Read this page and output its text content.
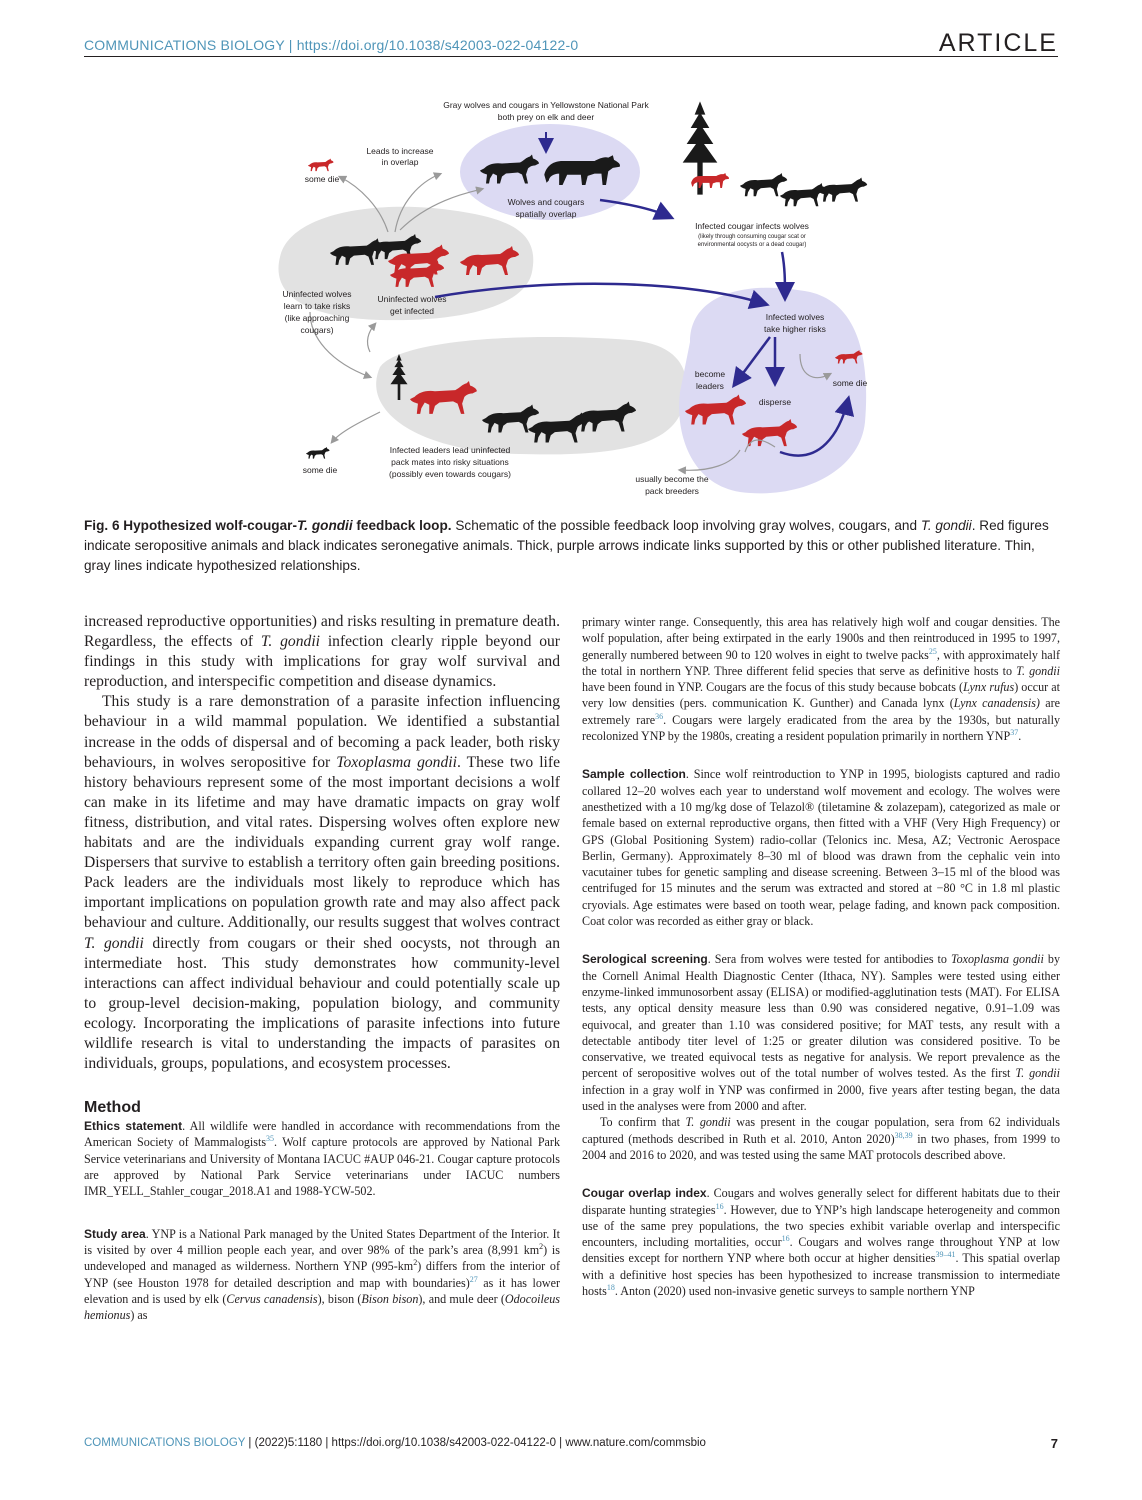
COMMUNICATIONS BIOLOGY | https://doi.org/10.1038/s42003-022-04122-0	ARTICLE
Gray wolves and cougars in Yellowstone National Park
both prey on elk and deer
Wolves and cougars
spatially overlap
Infected cougar infects wolves
(likely through consuming cougar scat or
environmental oocysts or a dead cougar)
Leads to increase
in overlap
some die
Uninfected wolves
learn to take risks
(like approaching
cougars)
Uninfected wolves
get infected
Infected wolves
take higher risks
become
leaders
disperse
some die
Infected leaders lead uninfected
pack mates into risky situations
(possibly even towards cougars)	usually become the
pack breeders
some die
Fig. 6 Hypothesized wolf-cougar-T. gondii feedback loop. Schematic of the possible feedback loop involving gray wolves, cougars, and T. gondii. Red figures indicate seropositive animals and black indicates seronegative animals. Thick, purple arrows indicate links supported by this or other published literature. Thin, gray lines indicate hypothesized relationships.

increased reproductive opportunities) and risks resulting in premature death. Regardless, the effects of T. gondii infection clearly ripple beyond our findings in this study with implications for gray wolf survival and reproduction, and interspecific competition and disease dynamics.

This study is a rare demonstration of a parasite infection influencing behaviour in a wild mammal population. We identified a substantial increase in the odds of dispersal and of becoming a pack leader, both risky behaviours, in wolves seropositive for Toxoplasma gondii. These two life history behaviours represent some of the most important decisions a wolf can make in its lifetime and may have dramatic impacts on gray wolf fitness, distribution, and vital rates. Dispersing wolves often explore new habitats and are the individuals expanding current gray wolf range. Dispersers that survive to establish a territory often gain breeding positions. Pack leaders are the individuals most likely to reproduce which has important implications on population growth rate and may also affect pack behaviour and culture. Additionally, our results suggest that wolves contract T. gondii directly from cougars or their shed oocysts, not through an intermediate host. This study demonstrates how community-level interactions can affect individual behaviour and could potentially scale up to group-level decision-making, population biology, and community ecology. Incorporating the implications of parasite infections into future wildlife research is vital to understanding the impacts of parasites on individuals, groups, populations, and ecosystem processes.

Method

Ethics statement. All wildlife were handled in accordance with recommendations from the American Society of Mammalogists$^{35}$. Wolf capture protocols are approved by National Park Service veterinarians and University of Montana IACUC #AUP 046-21. Cougar capture protocols are approved by National Park Service veterinarians under IACUC numbers IMR_YELL_Stahler_cougar_2018.A1 and 1988-YCW-502.

Study area. YNP is a National Park managed by the United States Department of the Interior. It is visited by over 4 million people each year, and over 98% of the park’s area (8,991 $km^2$) is undeveloped and managed as wilderness. Northern YNP $(995-km^2)$ differs from the interior of YNP (see Houston 1978 for detailed description and map with boundaries)$^{27}$ as it has lower elevation and is used by elk (Cervus canadensis), bison (Bison bison), and mule deer (Odocoileus hemionus) as

primary winter range. Consequently, this area has relatively high wolf and cougar densities. The wolf population, after being extirpated in the early 1900s and then reintroduced in 1995 to 1997, generally numbered between 90 to 120 wolves in eight to twelve packs$^{25}$, with approximately half the total in northern YNP. Three different felid species that serve as definitive hosts to T. gondii have been found in YNP. Cougars are the focus of this study because bobcats (Lynx rufus) occur at very low densities (pers. communication K. Gunther) and Canada lynx (Lynx canadensis) are extremely rare$^{36}$. Cougars were largely eradicated from the area by the 1930s, but naturally recolonized YNP by the 1980s, creating a resident population primarily in northern YNP$^{37}$.

Sample collection. Since wolf reintroduction to YNP in 1995, biologists captured and radio collared 12–20 wolves each year to understand wolf movement and ecology. The wolves were anesthetized with a 10 mg/kg dose of Telazol® (tiletamine & zolazepam), categorized as male or female based on external reproductive organs, then fitted with a VHF (Very High Frequency) or GPS (Global Positioning System) radio-collar (Telonics inc. Mesa, AZ; Vectronic Aerospace Berlin, Germany). Approximately 8–30 ml of blood was drawn from the cephalic vein into vacutainer tubes for genetic sampling and disease screening. Between 3–15 ml of the blood was centrifuged for 15 minutes and the serum was extracted and stored at −80 °C in 1.8 ml plastic cryovials. Age estimates were based on tooth wear, pelage fading, and known pack composition. Coat color was recorded as either gray or black.

Serological screening. Sera from wolves were tested for antibodies to Toxoplasma gondii by the Cornell Animal Health Diagnostic Center (Ithaca, NY). Samples were tested using either enzyme-linked immunosorbent assay (ELISA) or modified-agglutination tests (MAT). For ELISA tests, any optical density measure less than 0.90 was considered negative, 0.91–1.09 was equivocal, and greater than 1.10 was considered positive; for MAT tests, any result with a detectable antibody titer level of 1:25 or greater dilution was considered positive. To be conservative, we treated equivocal tests as negative for analysis. We report prevalence as the percent of seropositive wolves out of the total number of wolves tested. As the first T. gondii infection in a gray wolf in YNP was confirmed in 2000, five years after testing began, the data used in the analyses were from 2000 and after.

To confirm that T. gondii was present in the cougar population, sera from 62 individuals captured (methods described in Ruth et al. 2010, Anton 2020)$^{38,39}$ in two phases, from 1999 to 2004 and 2016 to 2020, and was tested using the same MAT protocols described above.

Cougar overlap index. Cougars and wolves generally select for different habitats due to their disparate hunting strategies$^{16}$. However, due to YNP’s high landscape heterogeneity and common use of the same prey populations, the two species exhibit variable overlap and interspecific encounters, including mortalities, occur$^{16}$. Cougars and wolves range throughout YNP at low densities except for northern YNP where both occur at higher densities$^{39-41}$. This spatial overlap with a definitive host species has been hypothesized to increase transmission to intermediate hosts$^{18}$. Anton (2020) used non-invasive genetic surveys to sample northern YNP

COMMUNICATIONS BIOLOGY | (2022)5:1180 | https://doi.org/10.1038/s42003-022-04122-0 | www.nature.com/commsbio	7
